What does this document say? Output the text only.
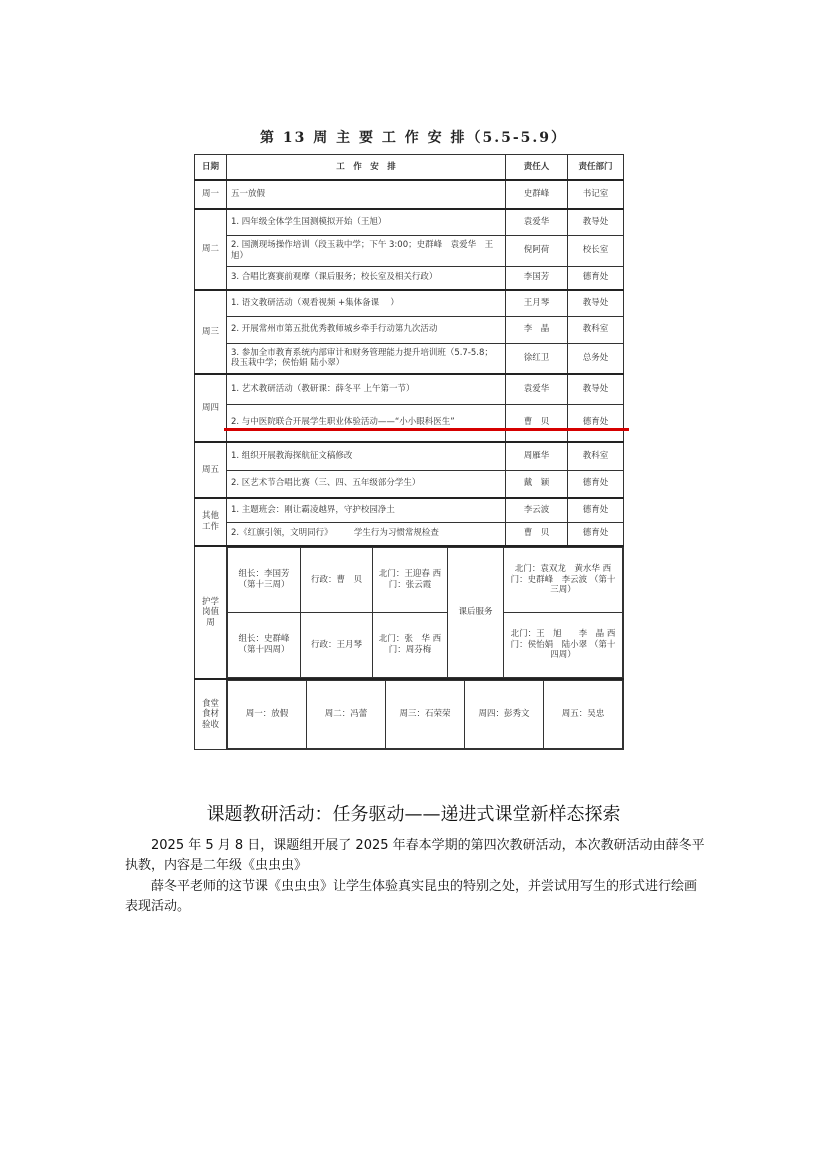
第 13 周 主 要 工 作 安 排（5.5-5.9）
日期	工　作　安　排	责任人	责任部门
周一	五一放假	史群峰	书记室
周二	1. 四年级全体学生国测模拟开始（王旭）	袁爱华	教导处
2. 国测现场操作培训（段玉栽中学；下午 3:00；史群峰　袁爱华　王旭）	倪阿荷	校长室
3. 合唱比赛赛前观摩（课后服务；校长室及相关行政）	李国芳	德育处
周三	1. 语文教研活动（观看视频 +集体备课　 ）	王月琴	教导处
2. 开展常州市第五批优秀教师城乡牵手行动第九次活动	李　晶	教科室
3. 参加全市教育系统内部审计和财务管理能力提升培训班（5.7-5.8；段玉栽中学；侯怡娟 陆小翠）	徐红卫	总务处
周四	1. 艺术教研活动（教研课：薛冬平 上午第一节）	袁爱华	教导处
2. 与中医院联合开展学生职业体验活动——“小小眼科医生”	曹　贝	德育处
周五	1. 组织开展教海探航征文稿修改	周雁华	教科室
2. 区艺术节合唱比赛（三、四、五年级部分学生）	戴　颖	德育处
其他工作	1. 主题班会：刚让霸凌越界，守护校园净土	李云波	德育处
2.《红旗引领，文明同行》　　　学生行为习惯常规检查	曹　贝	德育处
护学岗值周	
组长：李国芳（第十三周）	行政：曹　贝	北门：王迎春 西门：张云霞	课后服务	北门：袁双龙　黄水华 西门：史群峰　李云波 （第十三周）
组长：史群峰（第十四周）	行政：王月琴	北门：张　华 西门：周芬梅	北门：王　旭　　李　晶 西门：侯怡娟　陆小翠 （第十四周）

食堂食材验收	
周一：放假	周二：冯蕾	周三：石荣荣	周四：彭秀文	周五：吴忠
课题教研活动：任务驱动——递进式课堂新样态探索
2025 年 5 月 8 日，课题组开展了 2025 年春本学期的第四次教研活动，本次教研活动由薛冬平执教，内容是二年级《虫虫虫》
薛冬平老师的这节课《虫虫虫》让学生体验真实昆虫的特别之处，并尝试用写生的形式进行绘画表现活动。
